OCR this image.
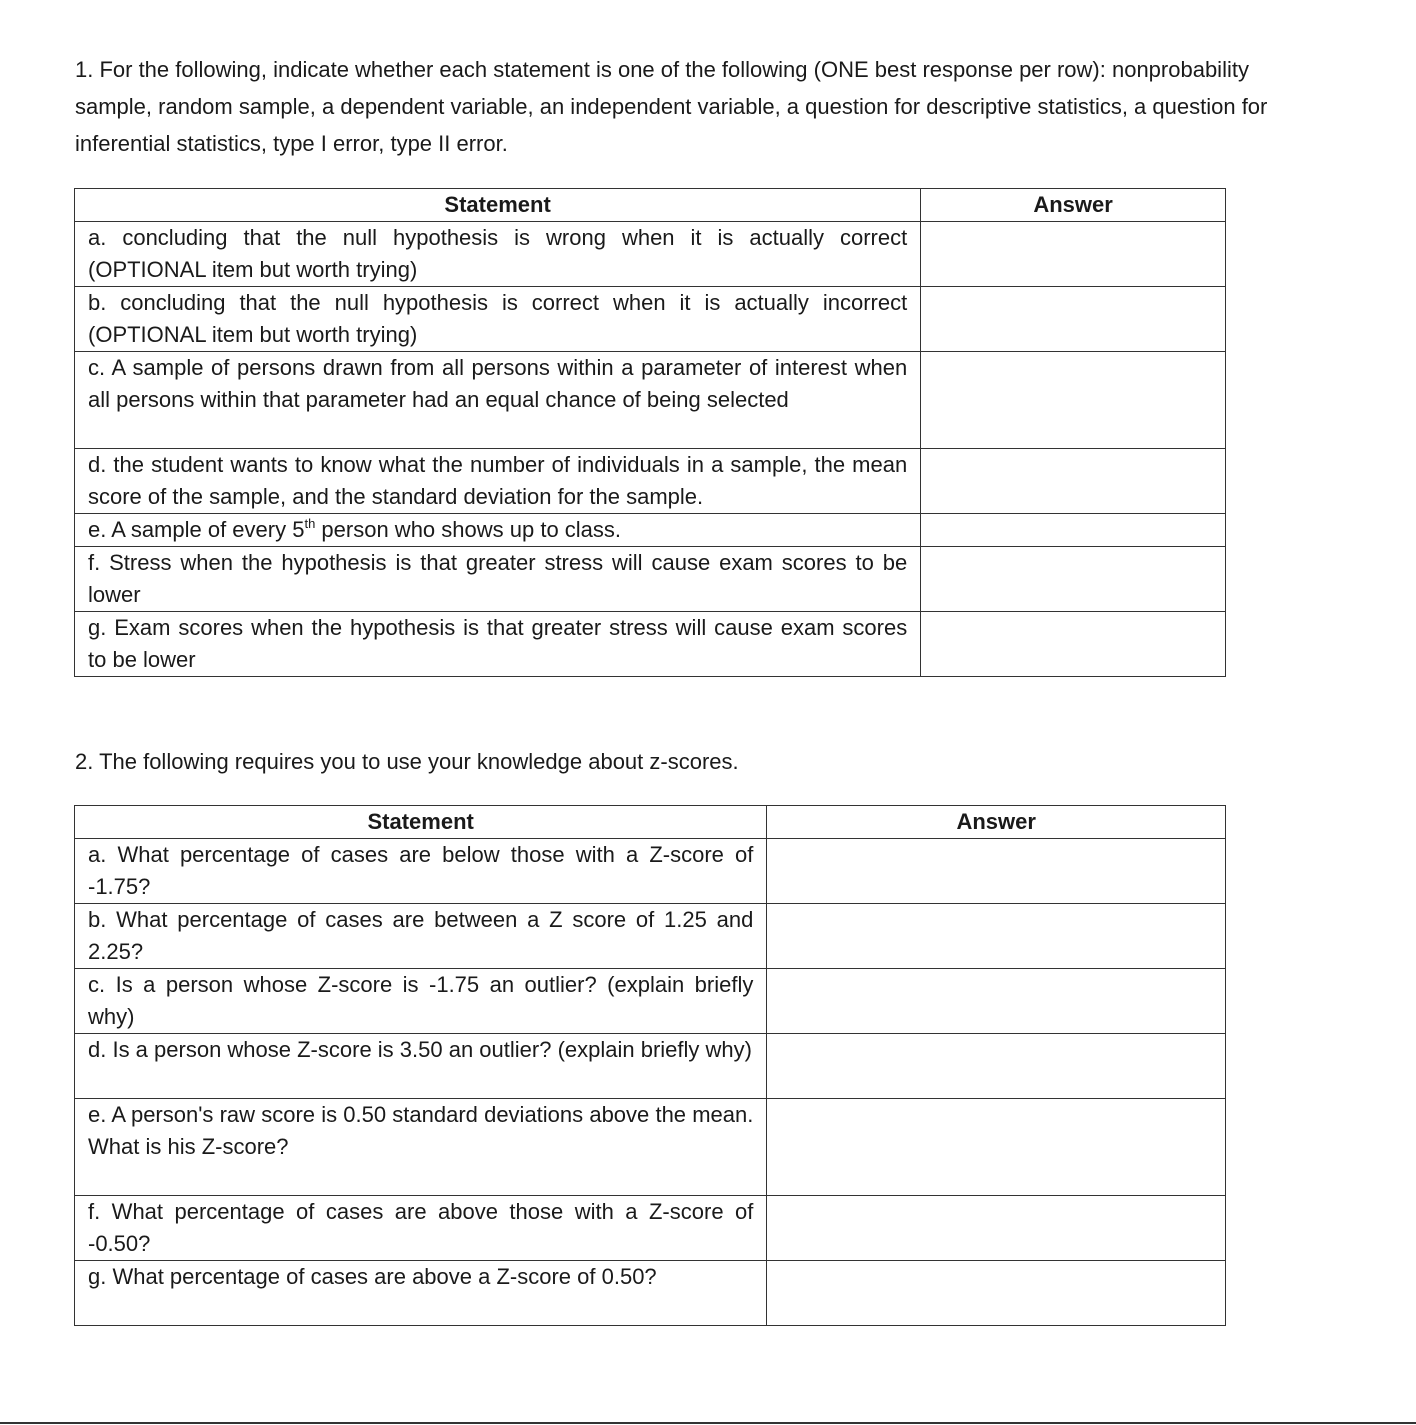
1. For the following, indicate whether each statement is one of the following (ONE best response per row): nonprobability sample, random sample, a dependent variable, an independent variable, a question for descriptive statistics, a question for inferential statistics, type I error, type II error.

Statement	Answer
a. concluding that the null hypothesis is wrong when it is actually correct (OPTIONAL item but worth trying)	
b. concluding that the null hypothesis is correct when it is actually incorrect (OPTIONAL item but worth trying)	
c. A sample of persons drawn from all persons within a parameter of interest when all persons within that parameter had an equal chance of being selected	
d. the student wants to know what the number of individuals in a sample, the mean score of the sample, and the standard deviation for the sample.	
e. A sample of every 5th person who shows up to class.	
f. Stress when the hypothesis is that greater stress will cause exam scores to be lower	
g. Exam scores when the hypothesis is that greater stress will cause exam scores to be lower	

2. The following requires you to use your knowledge about z-scores.

Statement	Answer
a. What percentage of cases are below those with a Z-score of -1.75?	
b. What percentage of cases are between a Z score of 1.25 and 2.25?	
c. Is a person whose Z-score is -1.75 an outlier? (explain briefly why)	
d. Is a person whose Z-score is 3.50 an outlier? (explain briefly why)	
e. A person's raw score is 0.50 standard deviations above the mean. What is his Z-score?	
f. What percentage of cases are above those with a Z-score of -0.50?	
g. What percentage of cases are above a Z-score of 0.50?	
